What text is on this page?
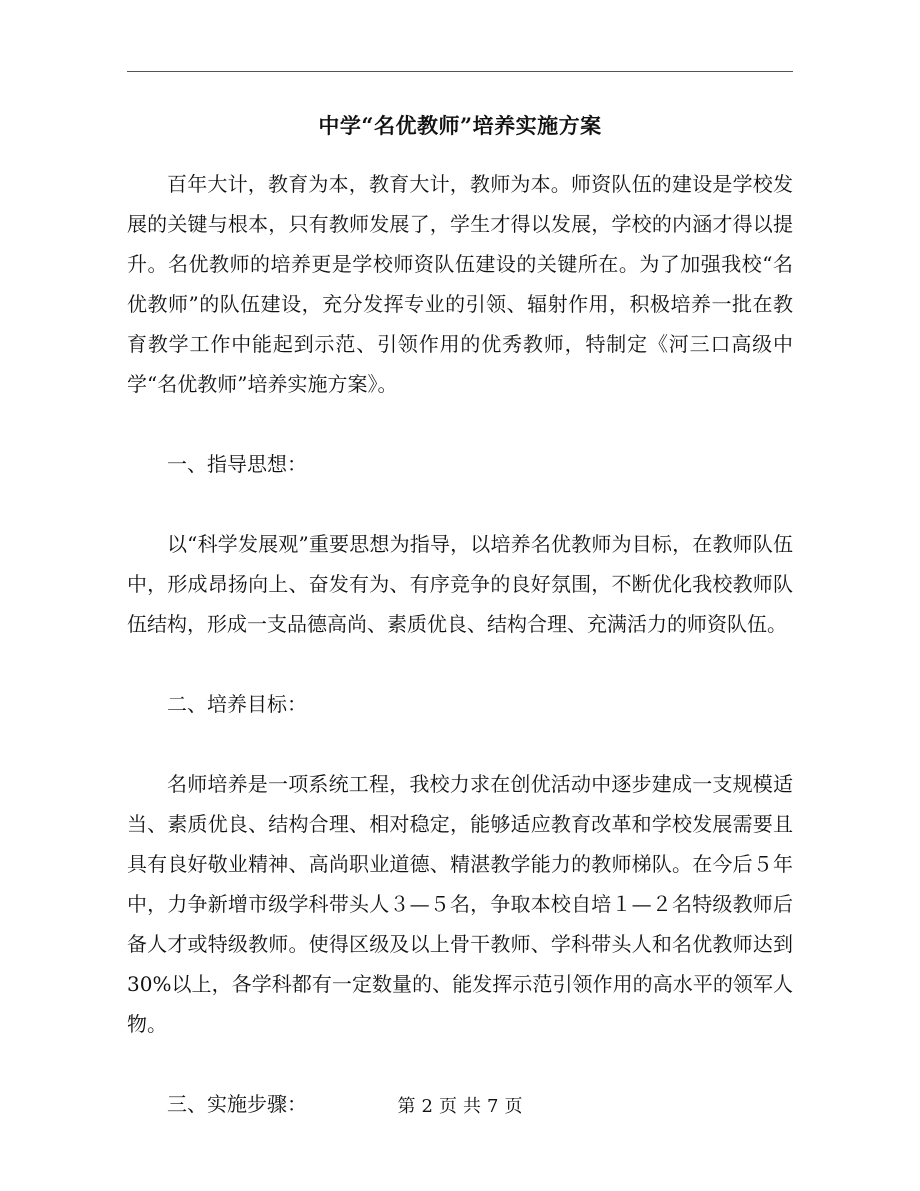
中学“名优教师”培养实施方案

百年大计，教育为本，教育大计，教师为本。师资队伍的建设是学校发展的关键与根本，只有教师发展了，学生才得以发展，学校的内涵才得以提升。名优教师的培养更是学校师资队伍建设的关键所在。为了加强我校“名优教师”的队伍建设，充分发挥专业的引领、辐射作用，积极培养一批在教育教学工作中能起到示范、引领作用的优秀教师，特制定《河三口高级中学“名优教师”培养实施方案》。

一、指导思想：

以“科学发展观”重要思想为指导，以培养名优教师为目标，在教师队伍中，形成昂扬向上、奋发有为、有序竞争的良好氛围，不断优化我校教师队伍结构，形成一支品德高尚、素质优良、结构合理、充满活力的师资队伍。

二、培养目标：

名师培养是一项系统工程，我校力求在创优活动中逐步建成一支规模适当、素质优良、结构合理、相对稳定，能够适应教育改革和学校发展需要且具有良好敬业精神、高尚职业道德、精湛教学能力的教师梯队。在今后５年中，力争新增市级学科带头人３—５名，争取本校自培１—２名特级教师后备人才或特级教师。使得区级及以上骨干教师、学科带头人和名优教师达到30%以上，各学科都有一定数量的、能发挥示范引领作用的高水平的领军人物。

三、实施步骤：	第 2 页 共 7 页
